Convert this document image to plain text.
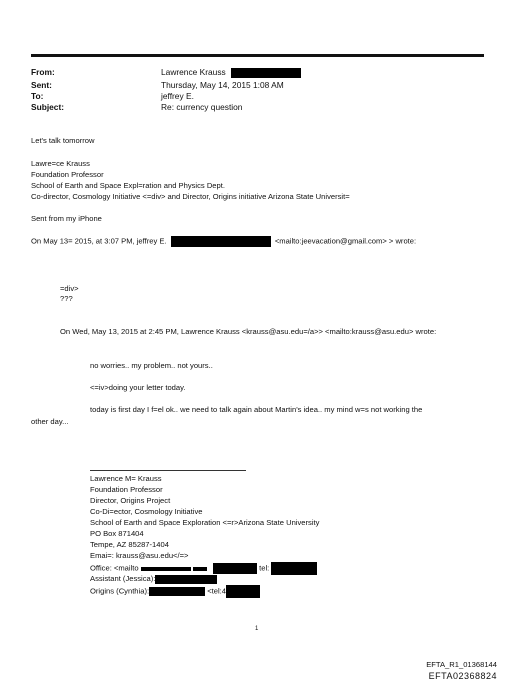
From:	Lawrence Krauss
Sent:	Thursday, May 14, 2015 1:08 AM
To:	jeffrey E.
Subject:	Re: currency question
Let's talk tomorrow
Lawre=ce Krauss
Foundation Professor
School of Earth and Space Expl=ration and Physics Dept.
Co-director, Cosmology Initiative <=div> and Director, Origins initiative Arizona State Universit=
Sent from my iPhone
On May 13= 2015, at 3:07 PM, jeffrey E.	<mailto:jeevacation@gmail.com> > wrote:
=div>
???
On Wed, May 13, 2015 at 2:45 PM, Lawrence Krauss <krauss@asu.edu=/a>> <mailto:krauss@asu.edu> wrote:
no worries.. my problem.. not yours..
<=iv>doing your letter today.
today is first day I f=el ok.. we need to talk again about Martin's idea.. my mind w=s not working the
other day...
Lawrence M= Krauss
Foundation Professor
Director, Origins Project
Co-Di=ector, Cosmology Initiative
School of Earth and Space Exploration <=r>Arizona State University
PO Box 871404
Tempe, AZ 85287-1404
Emai=: krauss@asu.edu</=>
Office: <mailto	tel:
Assistant (Jessica):
Origins (Cynthia):	<tel:4
1
EFTA_R1_01368144
EFTA02368824
